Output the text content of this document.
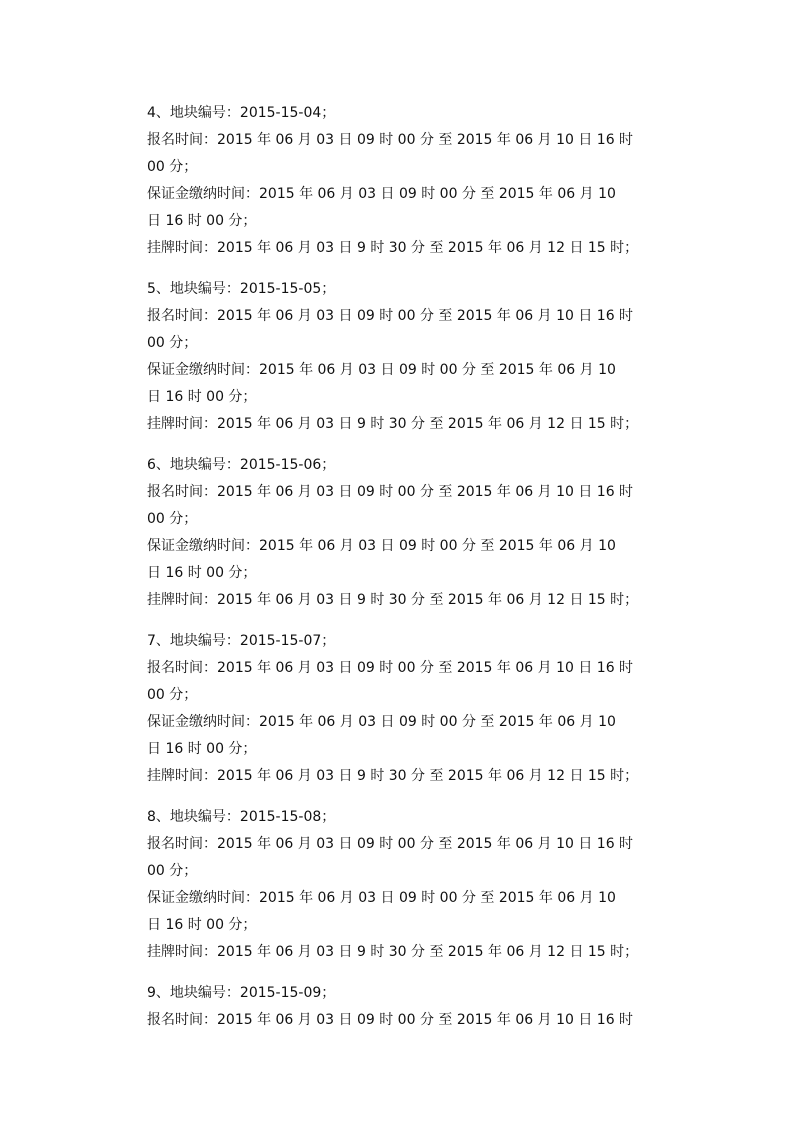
4、地块编号：2015-15-04；
报名时间：2015 年 06 月 03 日 09 时 00 分 至 2015 年 06 月 10 日 16 时
00 分；
保证金缴纳时间：2015 年 06 月 03 日 09 时 00 分 至 2015 年 06 月 10
日 16 时 00 分；
挂牌时间：2015 年 06 月 03 日 9 时 30 分 至 2015 年 06 月 12 日 15 时；
5、地块编号：2015-15-05；
报名时间：2015 年 06 月 03 日 09 时 00 分 至 2015 年 06 月 10 日 16 时
00 分；
保证金缴纳时间：2015 年 06 月 03 日 09 时 00 分 至 2015 年 06 月 10
日 16 时 00 分；
挂牌时间：2015 年 06 月 03 日 9 时 30 分 至 2015 年 06 月 12 日 15 时；
6、地块编号：2015-15-06；
报名时间：2015 年 06 月 03 日 09 时 00 分 至 2015 年 06 月 10 日 16 时
00 分；
保证金缴纳时间：2015 年 06 月 03 日 09 时 00 分 至 2015 年 06 月 10
日 16 时 00 分；
挂牌时间：2015 年 06 月 03 日 9 时 30 分 至 2015 年 06 月 12 日 15 时；
7、地块编号：2015-15-07；
报名时间：2015 年 06 月 03 日 09 时 00 分 至 2015 年 06 月 10 日 16 时
00 分；
保证金缴纳时间：2015 年 06 月 03 日 09 时 00 分 至 2015 年 06 月 10
日 16 时 00 分；
挂牌时间：2015 年 06 月 03 日 9 时 30 分 至 2015 年 06 月 12 日 15 时；
8、地块编号：2015-15-08；
报名时间：2015 年 06 月 03 日 09 时 00 分 至 2015 年 06 月 10 日 16 时
00 分；
保证金缴纳时间：2015 年 06 月 03 日 09 时 00 分 至 2015 年 06 月 10
日 16 时 00 分；
挂牌时间：2015 年 06 月 03 日 9 时 30 分 至 2015 年 06 月 12 日 15 时；
9、地块编号：2015-15-09；
报名时间：2015 年 06 月 03 日 09 时 00 分 至 2015 年 06 月 10 日 16 时
